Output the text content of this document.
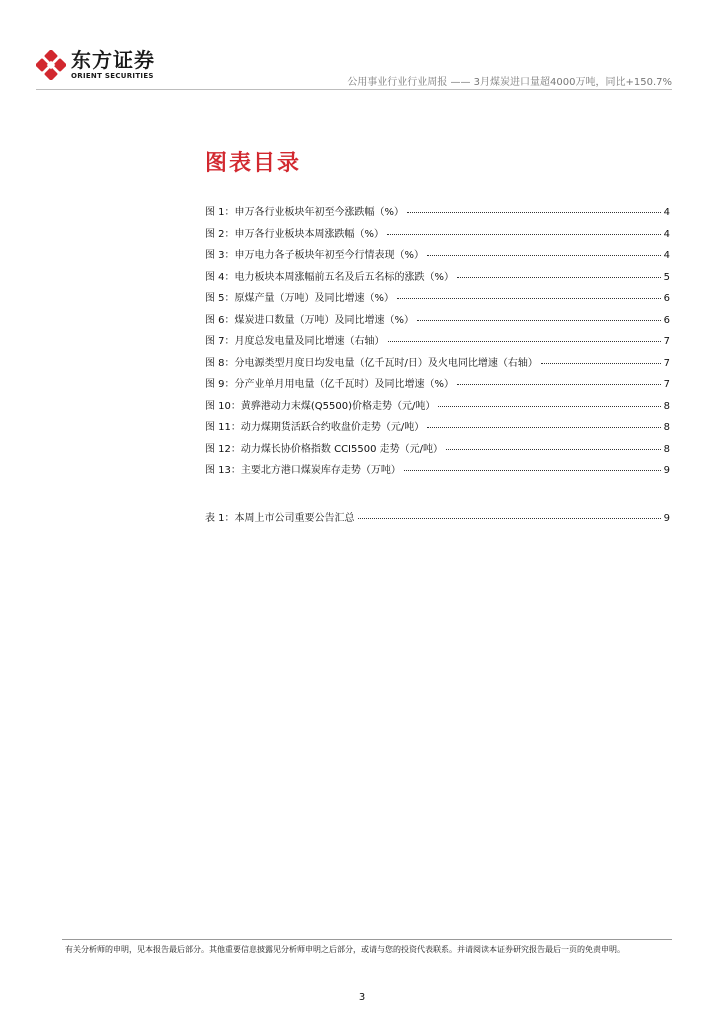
东方证券
ORIENT SECURITIES
公用事业行业行业周报 —— 3月煤炭进口量超4000万吨，同比+150.7%
图表目录
图 1：申万各行业板块年初至今涨跌幅（%）	4
图 2：申万各行业板块本周涨跌幅（%）	4
图 3：申万电力各子板块年初至今行情表现（%）	4
图 4：电力板块本周涨幅前五名及后五名标的涨跌（%）	5
图 5：原煤产量（万吨）及同比增速（%）	6
图 6：煤炭进口数量（万吨）及同比增速（%）	6
图 7：月度总发电量及同比增速（右轴）	7
图 8：分电源类型月度日均发电量（亿千瓦时/日）及火电同比增速（右轴）	7
图 9：分产业单月用电量（亿千瓦时）及同比增速（%）	7
图 10：黄骅港动力末煤(Q5500)价格走势（元/吨）	8
图 11：动力煤期货活跃合约收盘价走势（元/吨）	8
图 12：动力煤长协价格指数 CCI5500 走势（元/吨）	8
图 13：主要北方港口煤炭库存走势（万吨）	9
表 1：本周上市公司重要公告汇总	9
有关分析师的申明，见本报告最后部分。其他重要信息披露见分析师申明之后部分，或请与您的投资代表联系。并请阅读本证券研究报告最后一页的免责申明。
3
